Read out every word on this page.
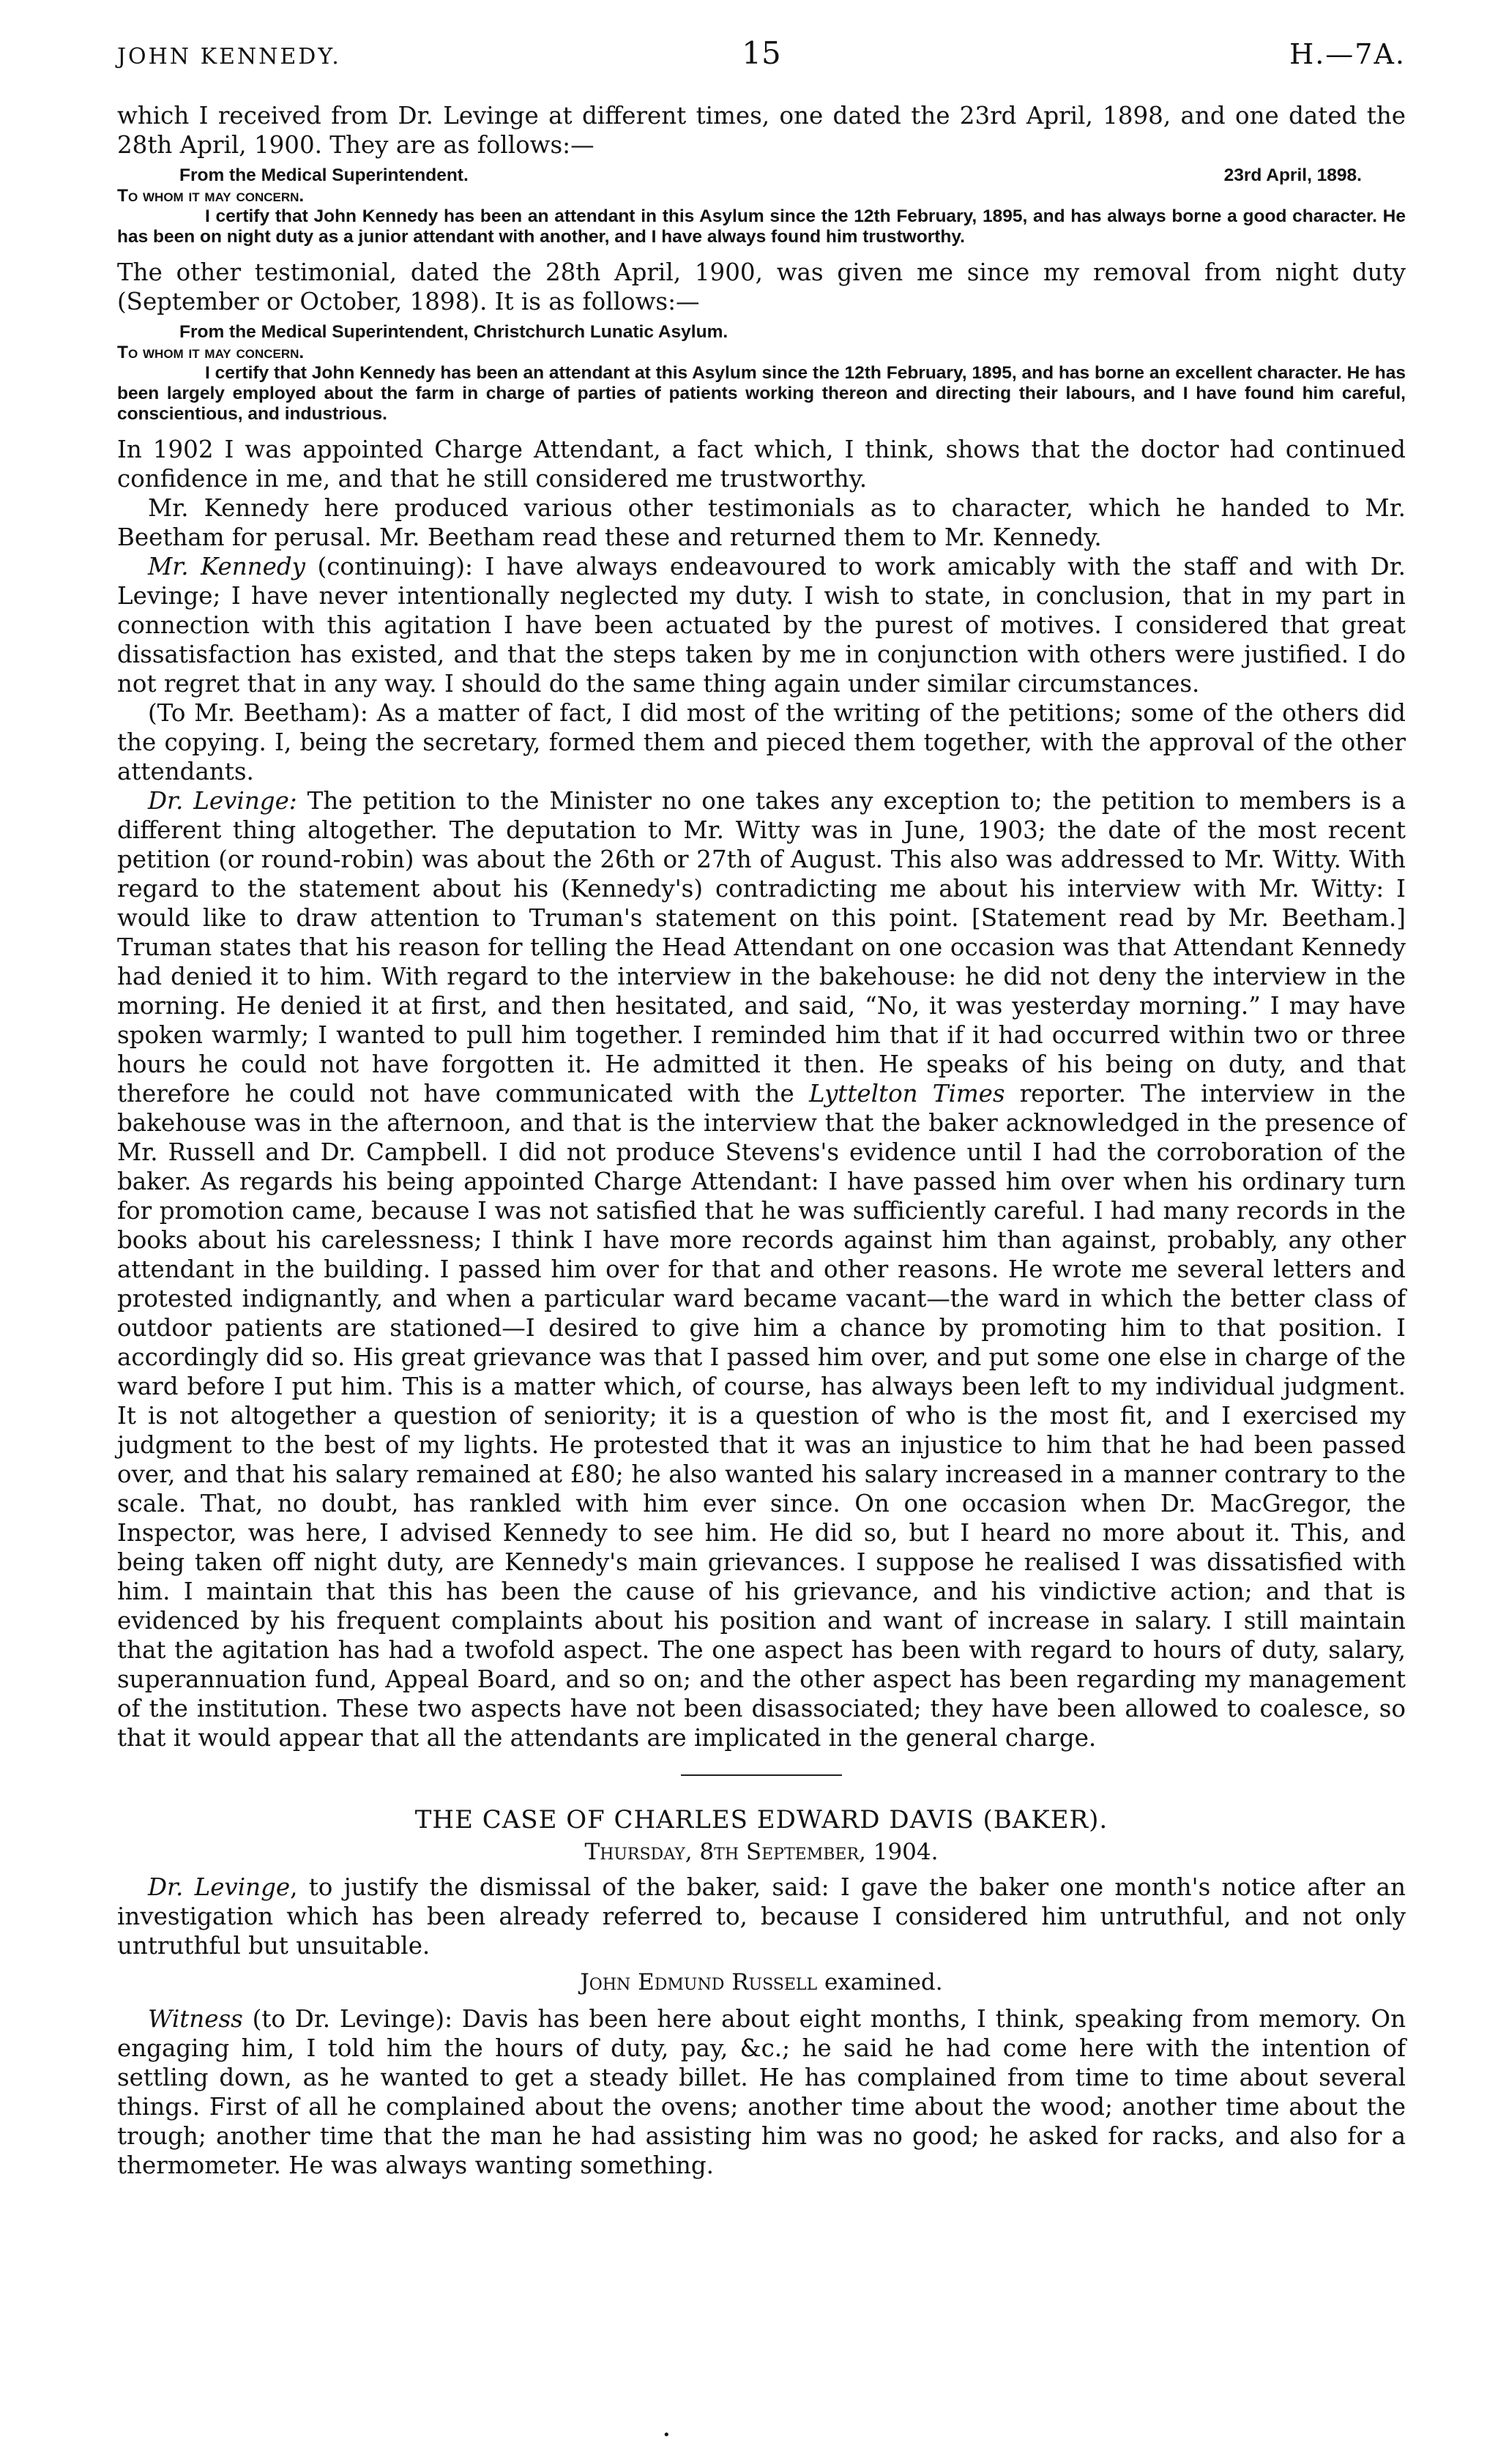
JOHN KENNEDY.	15	H.—7A.

which I received from Dr. Levinge at different times, one dated the 23rd April, 1898, and one dated the 28th April, 1900. They are as follows:—

From the Medical Superintendent.	23rd April, 1898.
To whom it may concern.
I certify that John Kennedy has been an attendant in this Asylum since the 12th February, 1895, and has always borne a good character. He has been on night duty as a junior attendant with another, and I have always found him trustworthy.

The other testimonial, dated the 28th April, 1900, was given me since my removal from night duty (September or October, 1898). It is as follows:—

From the Medical Superintendent, Christchurch Lunatic Asylum.
To whom it may concern.
I certify that John Kennedy has been an attendant at this Asylum since the 12th February, 1895, and has borne an excellent character. He has been largely employed about the farm in charge of parties of patients working thereon and directing their labours, and I have found him careful, conscientious, and industrious.

In 1902 I was appointed Charge Attendant, a fact which, I think, shows that the doctor had continued confidence in me, and that he still considered me trustworthy.

Mr. Kennedy here produced various other testimonials as to character, which he handed to Mr. Beetham for perusal. Mr. Beetham read these and returned them to Mr. Kennedy.

Mr. Kennedy (continuing): I have always endeavoured to work amicably with the staff and with Dr. Levinge; I have never intentionally neglected my duty. I wish to state, in conclusion, that in my part in connection with this agitation I have been actuated by the purest of motives. I considered that great dissatisfaction has existed, and that the steps taken by me in conjunction with others were justified. I do not regret that in any way. I should do the same thing again under similar circumstances.

(To Mr. Beetham): As a matter of fact, I did most of the writing of the petitions; some of the others did the copying. I, being the secretary, formed them and pieced them together, with the approval of the other attendants.

Dr. Levinge: The petition to the Minister no one takes any exception to; the petition to members is a different thing altogether. The deputation to Mr. Witty was in June, 1903; the date of the most recent petition (or round-robin) was about the 26th or 27th of August. This also was addressed to Mr. Witty. With regard to the statement about his (Kennedy's) contradicting me about his interview with Mr. Witty: I would like to draw attention to Truman's statement on this point. [Statement read by Mr. Beetham.] Truman states that his reason for telling the Head Attendant on one occasion was that Attendant Kennedy had denied it to him. With regard to the interview in the bakehouse: he did not deny the interview in the morning. He denied it at first, and then hesitated, and said, “No, it was yesterday morning.” I may have spoken warmly; I wanted to pull him together. I reminded him that if it had occurred within two or three hours he could not have forgotten it. He admitted it then. He speaks of his being on duty, and that therefore he could not have communicated with the Lyttelton Times reporter. The interview in the bakehouse was in the afternoon, and that is the interview that the baker acknowledged in the presence of Mr. Russell and Dr. Campbell. I did not produce Stevens's evidence until I had the corroboration of the baker. As regards his being appointed Charge Attendant: I have passed him over when his ordinary turn for promotion came, because I was not satisfied that he was sufficiently careful. I had many records in the books about his carelessness; I think I have more records against him than against, probably, any other attendant in the building. I passed him over for that and other reasons. He wrote me several letters and protested indignantly, and when a particular ward became vacant—the ward in which the better class of outdoor patients are stationed—I desired to give him a chance by promoting him to that position. I accordingly did so. His great grievance was that I passed him over, and put some one else in charge of the ward before I put him. This is a matter which, of course, has always been left to my individual judgment. It is not altogether a question of seniority; it is a question of who is the most fit, and I exercised my judgment to the best of my lights. He protested that it was an injustice to him that he had been passed over, and that his salary remained at £80; he also wanted his salary increased in a manner contrary to the scale. That, no doubt, has rankled with him ever since. On one occasion when Dr. MacGregor, the Inspector, was here, I advised Kennedy to see him. He did so, but I heard no more about it. This, and being taken off night duty, are Kennedy's main grievances. I suppose he realised I was dissatisfied with him. I maintain that this has been the cause of his grievance, and his vindictive action; and that is evidenced by his frequent complaints about his position and want of increase in salary. I still maintain that the agitation has had a twofold aspect. The one aspect has been with regard to hours of duty, salary, superannuation fund, Appeal Board, and so on; and the other aspect has been regarding my management of the institution. These two aspects have not been disassociated; they have been allowed to coalesce, so that it would appear that all the attendants are implicated in the general charge.

THE CASE OF CHARLES EDWARD DAVIS (BAKER).
Thursday, 8th September, 1904.

Dr. Levinge, to justify the dismissal of the baker, said: I gave the baker one month's notice after an investigation which has been already referred to, because I considered him untruthful, and not only untruthful but unsuitable.

John Edmund Russell examined.

Witness (to Dr. Levinge): Davis has been here about eight months, I think, speaking from memory. On engaging him, I told him the hours of duty, pay, &c.; he said he had come here with the intention of settling down, as he wanted to get a steady billet. He has complained from time to time about several things. First of all he complained about the ovens; another time about the wood; another time about the trough; another time that the man he had assisting him was no good; he asked for racks, and also for a thermometer. He was always wanting something.

•
